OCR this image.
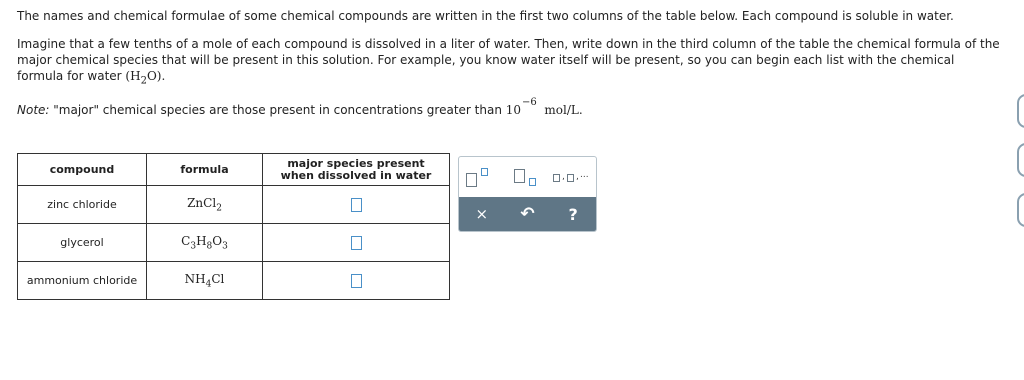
The names and chemical formulae of some chemical compounds are written in the first two columns of the table below. Each compound is soluble in water.
Imagine that a few tenths of a mole of each compound is dissolved in a liter of water. Then, write down in the third column of the table the chemical formula of the major chemical species that will be present in this solution. For example, you know water itself will be present, so you can begin each list with the chemical formula for water $(H_2O)$.
Note: "major" chemical species are those present in concentrations greater than $10^{-6}$  mol/L.
compound	formula	major species present
when dissolved in water
zinc chloride	ZnCl$_2$	
glycerol	$C_3H_8O_3$	
ammonium chloride	$NH_4Cl$	
, , ...
× ↶ ?
